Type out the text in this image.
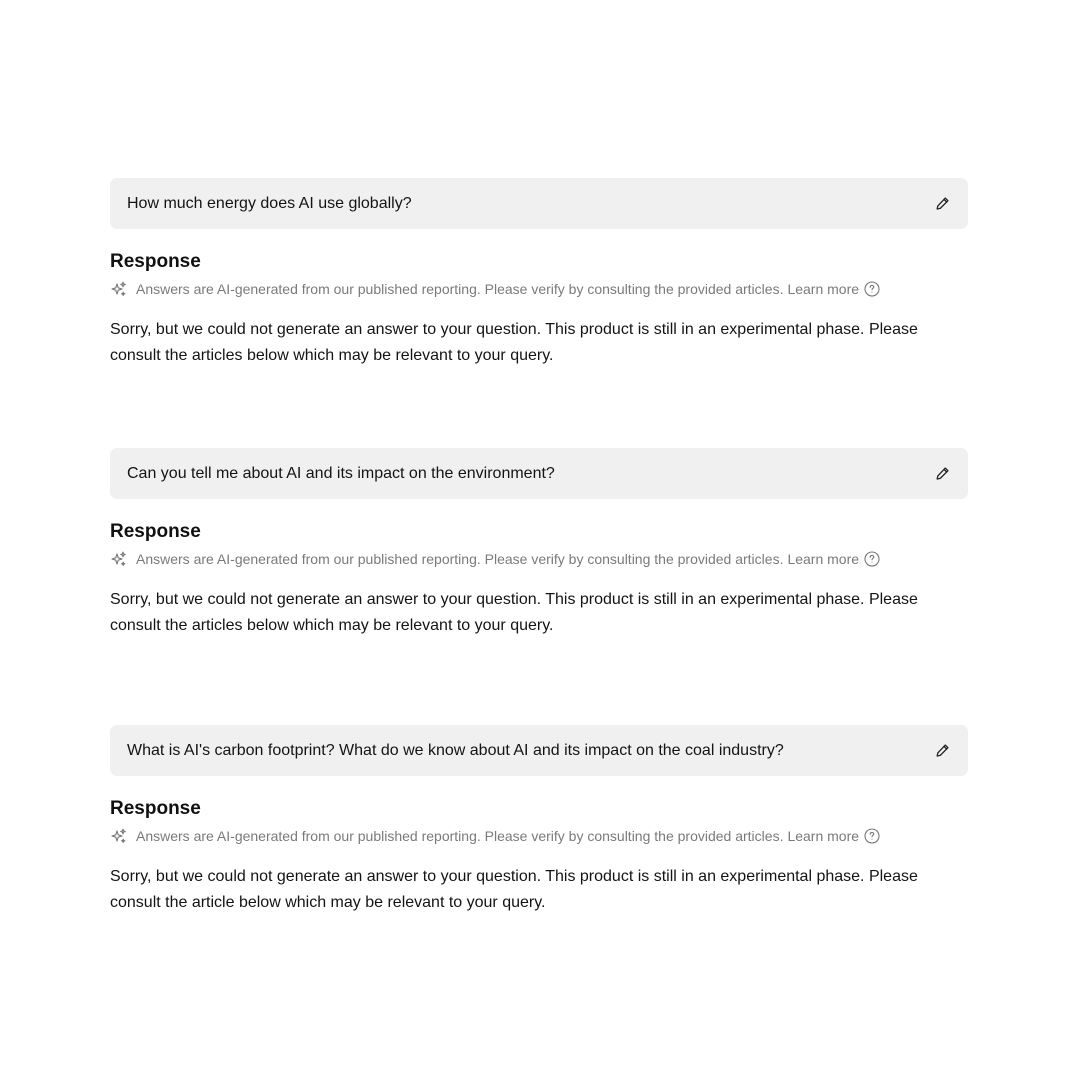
How much energy does AI use globally?
Response
Answers are AI-generated from our published reporting. Please verify by consulting the provided articles. Learn more

Sorry, but we could not generate an answer to your question. This product is still in an experimental phase. Please consult the articles below which may be relevant to your query.

Can you tell me about AI and its impact on the environment?
Response
Answers are AI-generated from our published reporting. Please verify by consulting the provided articles. Learn more

Sorry, but we could not generate an answer to your question. This product is still in an experimental phase. Please consult the articles below which may be relevant to your query.

What is AI's carbon footprint? What do we know about AI and its impact on the coal industry?
Response
Answers are AI-generated from our published reporting. Please verify by consulting the provided articles. Learn more

Sorry, but we could not generate an answer to your question. This product is still in an experimental phase. Please consult the article below which may be relevant to your query.
